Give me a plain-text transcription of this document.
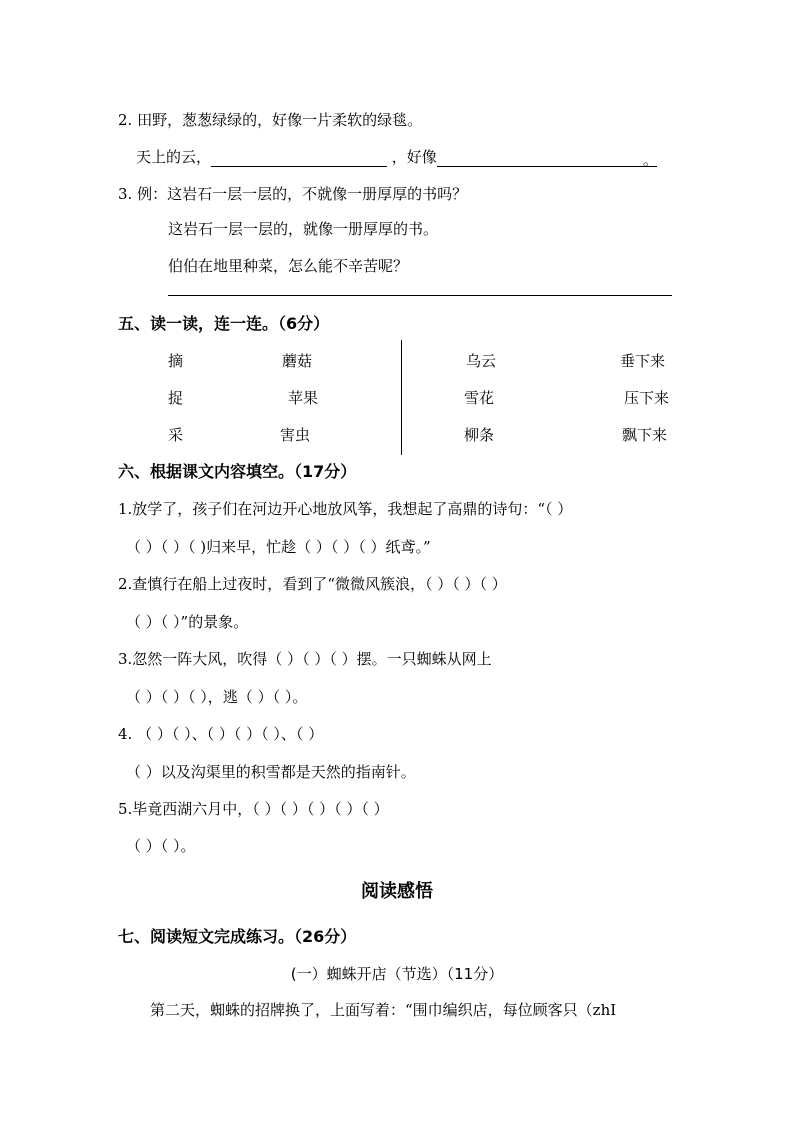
2. 田野，葱葱绿绿的，好像一片柔软的绿毯。
天上的云，	，好像	。
3. 例：这岩石一层一层的，不就像一册厚厚的书吗？
这岩石一层一层的，就像一册厚厚的书。
伯伯在地里种菜，怎么能不辛苦呢？
五、读一读，连一连。（6分）
摘
捉
采
蘑菇
苹果
害虫
乌云
雪花
柳条
垂下来
压下来
飘下来
六、根据课文内容填空。（17分）
1.放学了，孩子们在河边开心地放风筝，我想起了高鼎的诗句：“（ ）
（ ）（ ）（ )归来早，忙趁（ ）（ ）（ ）纸鸢。”
2.查慎行在船上过夜时，看到了“微微风簇浪，（ ）（ ）（ ）
（ ）（ ）”的景象。
3.忽然一阵大风，吹得（ ）（ ）（ ）摆。一只蜘蛛从网上
（ ）（ ）（ ），逃（ ）（ ）。
4. （ ）（ ）、（ ）（ ）（ ）、（ ）
（ ）以及沟渠里的积雪都是天然的指南针。
5.毕竟西湖六月中，（ ）（ ）（ ）（ ）（ ）
（ ）（ ）。
阅读感悟
七、阅读短文完成练习。（26分）
(一）蜘蛛开店（节选）（11分）
第二天，蜘蛛的招牌换了，上面写着：“围巾编织店，每位顾客只（zhI
